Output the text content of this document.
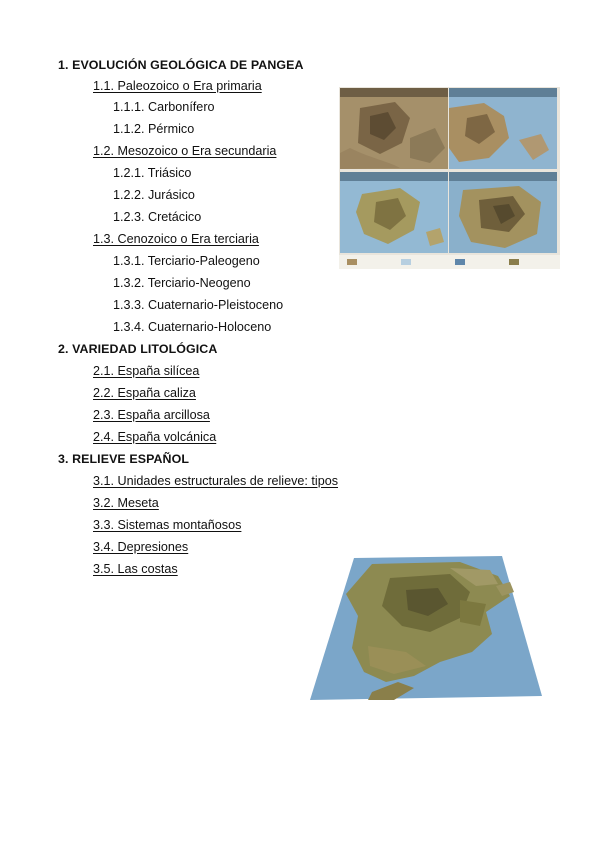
1. EVOLUCIÓN GEOLÓGICA DE PANGEA
1.1. Paleozoico o Era primaria
1.1.1. Carbonífero
1.1.2. Pérmico
1.2. Mesozoico o Era secundaria
1.2.1. Triásico
1.2.2. Jurásico
1.2.3. Cretácico
1.3. Cenozoico o Era terciaria
1.3.1. Terciario-Paleogeno
1.3.2. Terciario-Neogeno
1.3.3. Cuaternario-Pleistoceno
1.3.4. Cuaternario-Holoceno
2. VARIEDAD LITOLÓGICA
2.1. España silícea
2.2. España caliza
2.3. España arcillosa
2.4. España volcánica
3. RELIEVE ESPAÑOL
3.1. Unidades estructurales de relieve: tipos
3.2. Meseta
3.3. Sistemas montañosos
3.4. Depresiones
3.5. Las costas
